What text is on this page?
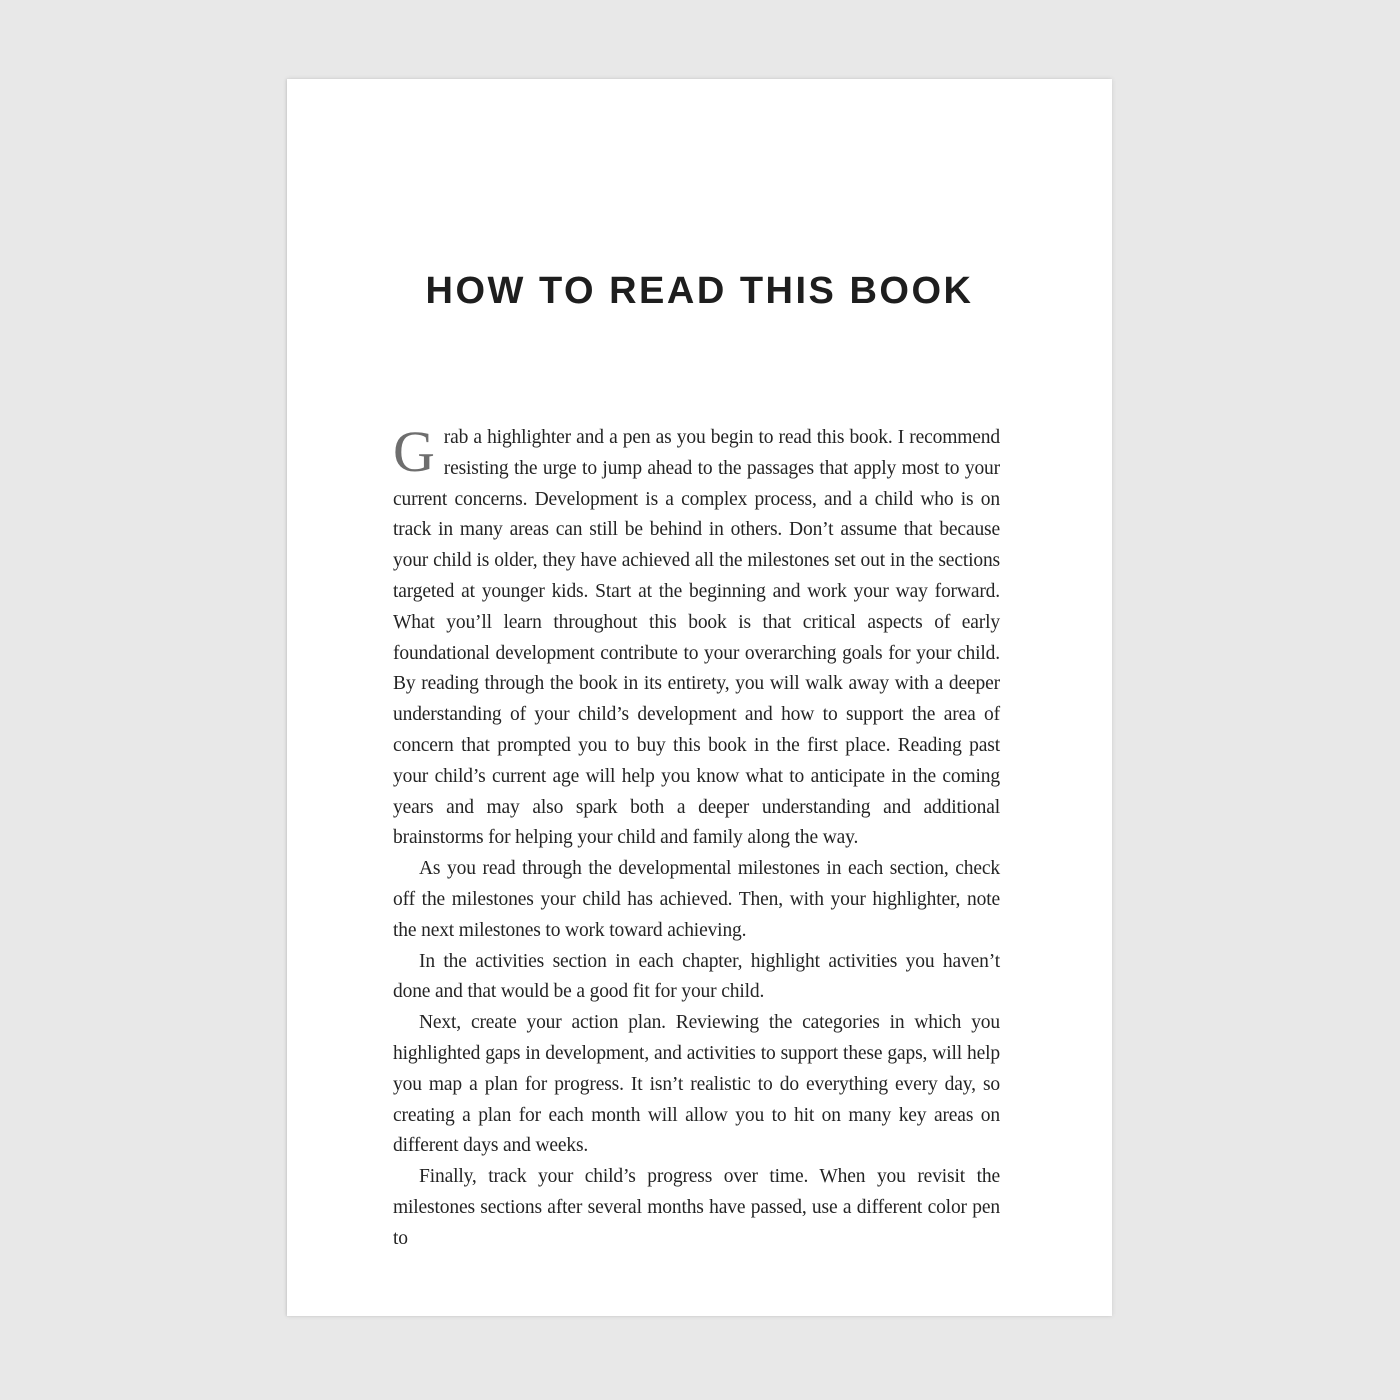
HOW TO READ THIS BOOK

Grab a highlighter and a pen as you begin to read this book. I recommend resisting the urge to jump ahead to the passages that apply most to your current concerns. Development is a complex process, and a child who is on track in many areas can still be behind in others. Don’t assume that because your child is older, they have achieved all the milestones set out in the sections targeted at younger kids. Start at the beginning and work your way forward. What you’ll learn throughout this book is that critical aspects of early foundational development contribute to your overarching goals for your child. By reading through the book in its entirety, you will walk away with a deeper understanding of your child’s development and how to support the area of concern that prompted you to buy this book in the first place. Reading past your child’s current age will help you know what to anticipate in the coming years and may also spark both a deeper understanding and additional brainstorms for helping your child and family along the way.

As you read through the developmental milestones in each section, check off the milestones your child has achieved. Then, with your highlighter, note the next milestones to work toward achieving.

In the activities section in each chapter, highlight activities you haven’t done and that would be a good fit for your child.

Next, create your action plan. Reviewing the categories in which you highlighted gaps in development, and activities to support these gaps, will help you map a plan for progress. It isn’t realistic to do everything every day, so creating a plan for each month will allow you to hit on many key areas on different days and weeks.

Finally, track your child’s progress over time. When you revisit the milestones sections after several months have passed, use a different color pen to
